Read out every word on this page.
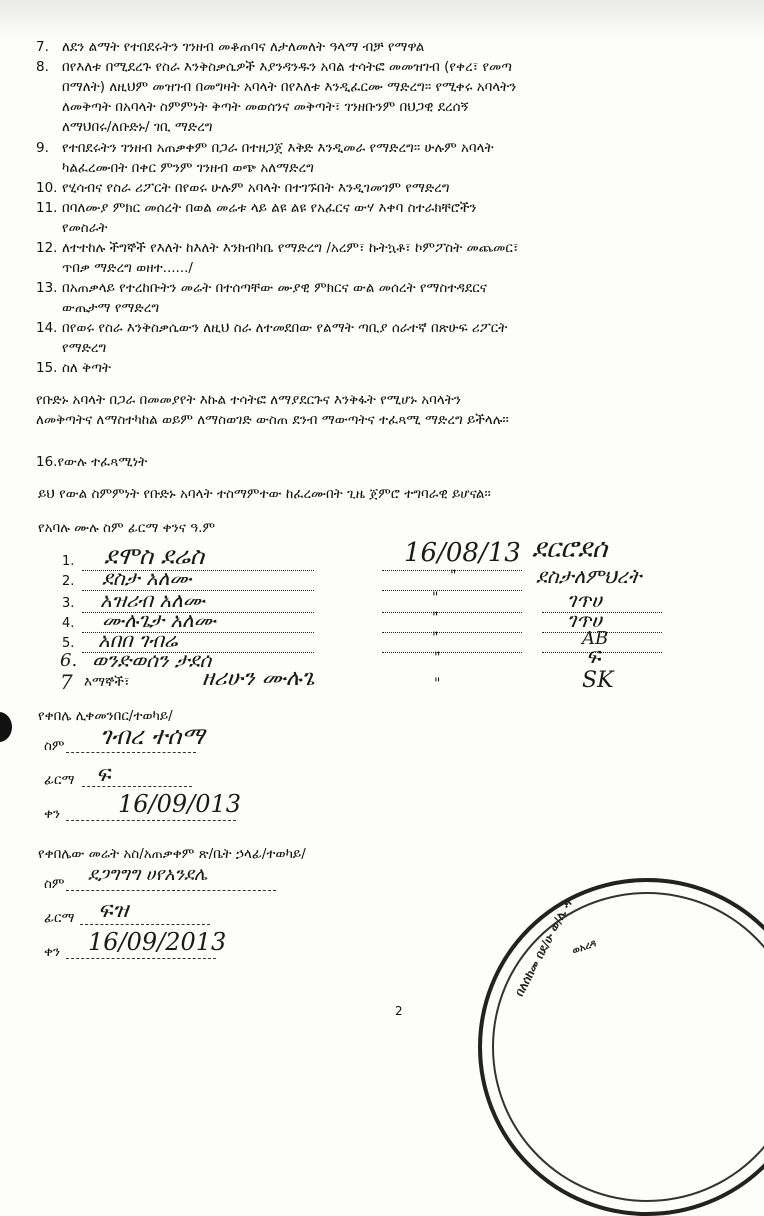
7. ለደን ልማት የተበደሩትን ገንዘብ መቆጠባና ለታለመለት ዓላማ ብቻ የማዋል
8. በየእለቱ በሚደረጉ የስራ እንቅስቃሴዎች እያንዳንዱን አባል ተሳትፎ መመዝገብ (የቀረ፣ የመጣ
በማለት) ለዚህም መዝገብ በመግዛት አባላት በየእለቱ እንዲፈርሙ ማድረግ፡፡ የሚቀሩ አባላትን
ለመቅጣት በአባላት ስምምነት ቅጣት መወሰንና መቅጣት፣ ገንዘቡንም በህጋዊ ደረሰኝ
ለማህበሩ/ለቡድኑ/ ገቢ ማድረግ
9. የተበደሩትን ገንዘብ አጠቃቀም በጋራ በተዘጋጀ እቅድ እንዲመራ የማድረግ፡፡ ሁሉም አባላት
ካልፈረሙበት በቀር ምንም ገንዘብ ወጭ አለማድረግ
10. የሂሳብና የስራ ሪፖርት በየወሩ ሁሉም አባላት በተገኙበት እንዲገመገም የማድረግ
11. በባለሙያ ምክር መሰረት በወል መሬቱ ላይ ልዩ ልዩ የአፈርና ውሃ እቀባ ስተራክቸሮችን
የመስራት
12. ለተተከሉ ችግኞች የእለት ከእለት እንክብካቤ የማድረግ /አረም፣ ኩትኳቶ፣ ኮምፖስት መጨመር፣
ጥበቃ ማድረግ ወዘተ....../
13. በአጠቃላይ የተረከቡትን መሬት በተሰጣቸው ሙያዊ ምክርና ውል መሰረት የማስተዳደርና
ውጤታማ የማድረግ
14. በየወሩ የስራ እንቅስቃሴውን ለዚህ ስራ ለተመደበው የልማት ጣቢያ ሰራተኛ በጽሁፍ ሪፖርት
የማድረግ
15. ስለ ቅጣት
የቡድኑ አባላት በጋራ በመመያየት እኩል ተሳትፎ ለማያደርጉና እንቅፋት የሚሆኑ አባላትን
ለመቅጣትና ለማስተካከል ወይም ለማስወገድ ውስጠ ደንብ ማውጣትና ተፈጻሚ ማድረግ ይችላሉ፡፡
16.የውሉ ተፈጻሚነት
ይህ የውል ስምምነት የቡድኑ አባላት ተስማምተው ከፈረሙበት ጊዜ ጀምሮ ተግባራዊ ይሆናል፡፡
የአባሉ ሙሉ ስም ፊርማ ቀንና ዓ.ም
1.	ደሞስ ደሬስ	16/08/13 ደርሮደሰ
2.	ደስታ አለሙ	"	ደስታለምህረት
3.	አዝሪብ አለሙ	"	ገጥሀ
4.	ሙሉጌታ አለሙ	"	ገጥሀ
5.	አበበ ገብሬ	"	AB
6. ወንድወሰን ታደሰ	"	ፍ
7 እማኞች፣	ዘሪሁን ሙሉጌ	"	SK
የቀበሌ ሊቀመንበር/ተወካይ/
ስም ገብረ ተሰማ
ፊርማ ፍ
ቀን 16/09/013
የቀበሌው መሬት አስ/አጠቃቀም ጽ/ቤት ኃላፊ/ተወካይ/
ስም ደጋግግግ ሀየአንደሌ
ፊርማ ፍዝ
ቀን 16/09/2013	በለሰከመ በደ/ሁ ወ/ሌ ዳ
ወአረዳ
2
